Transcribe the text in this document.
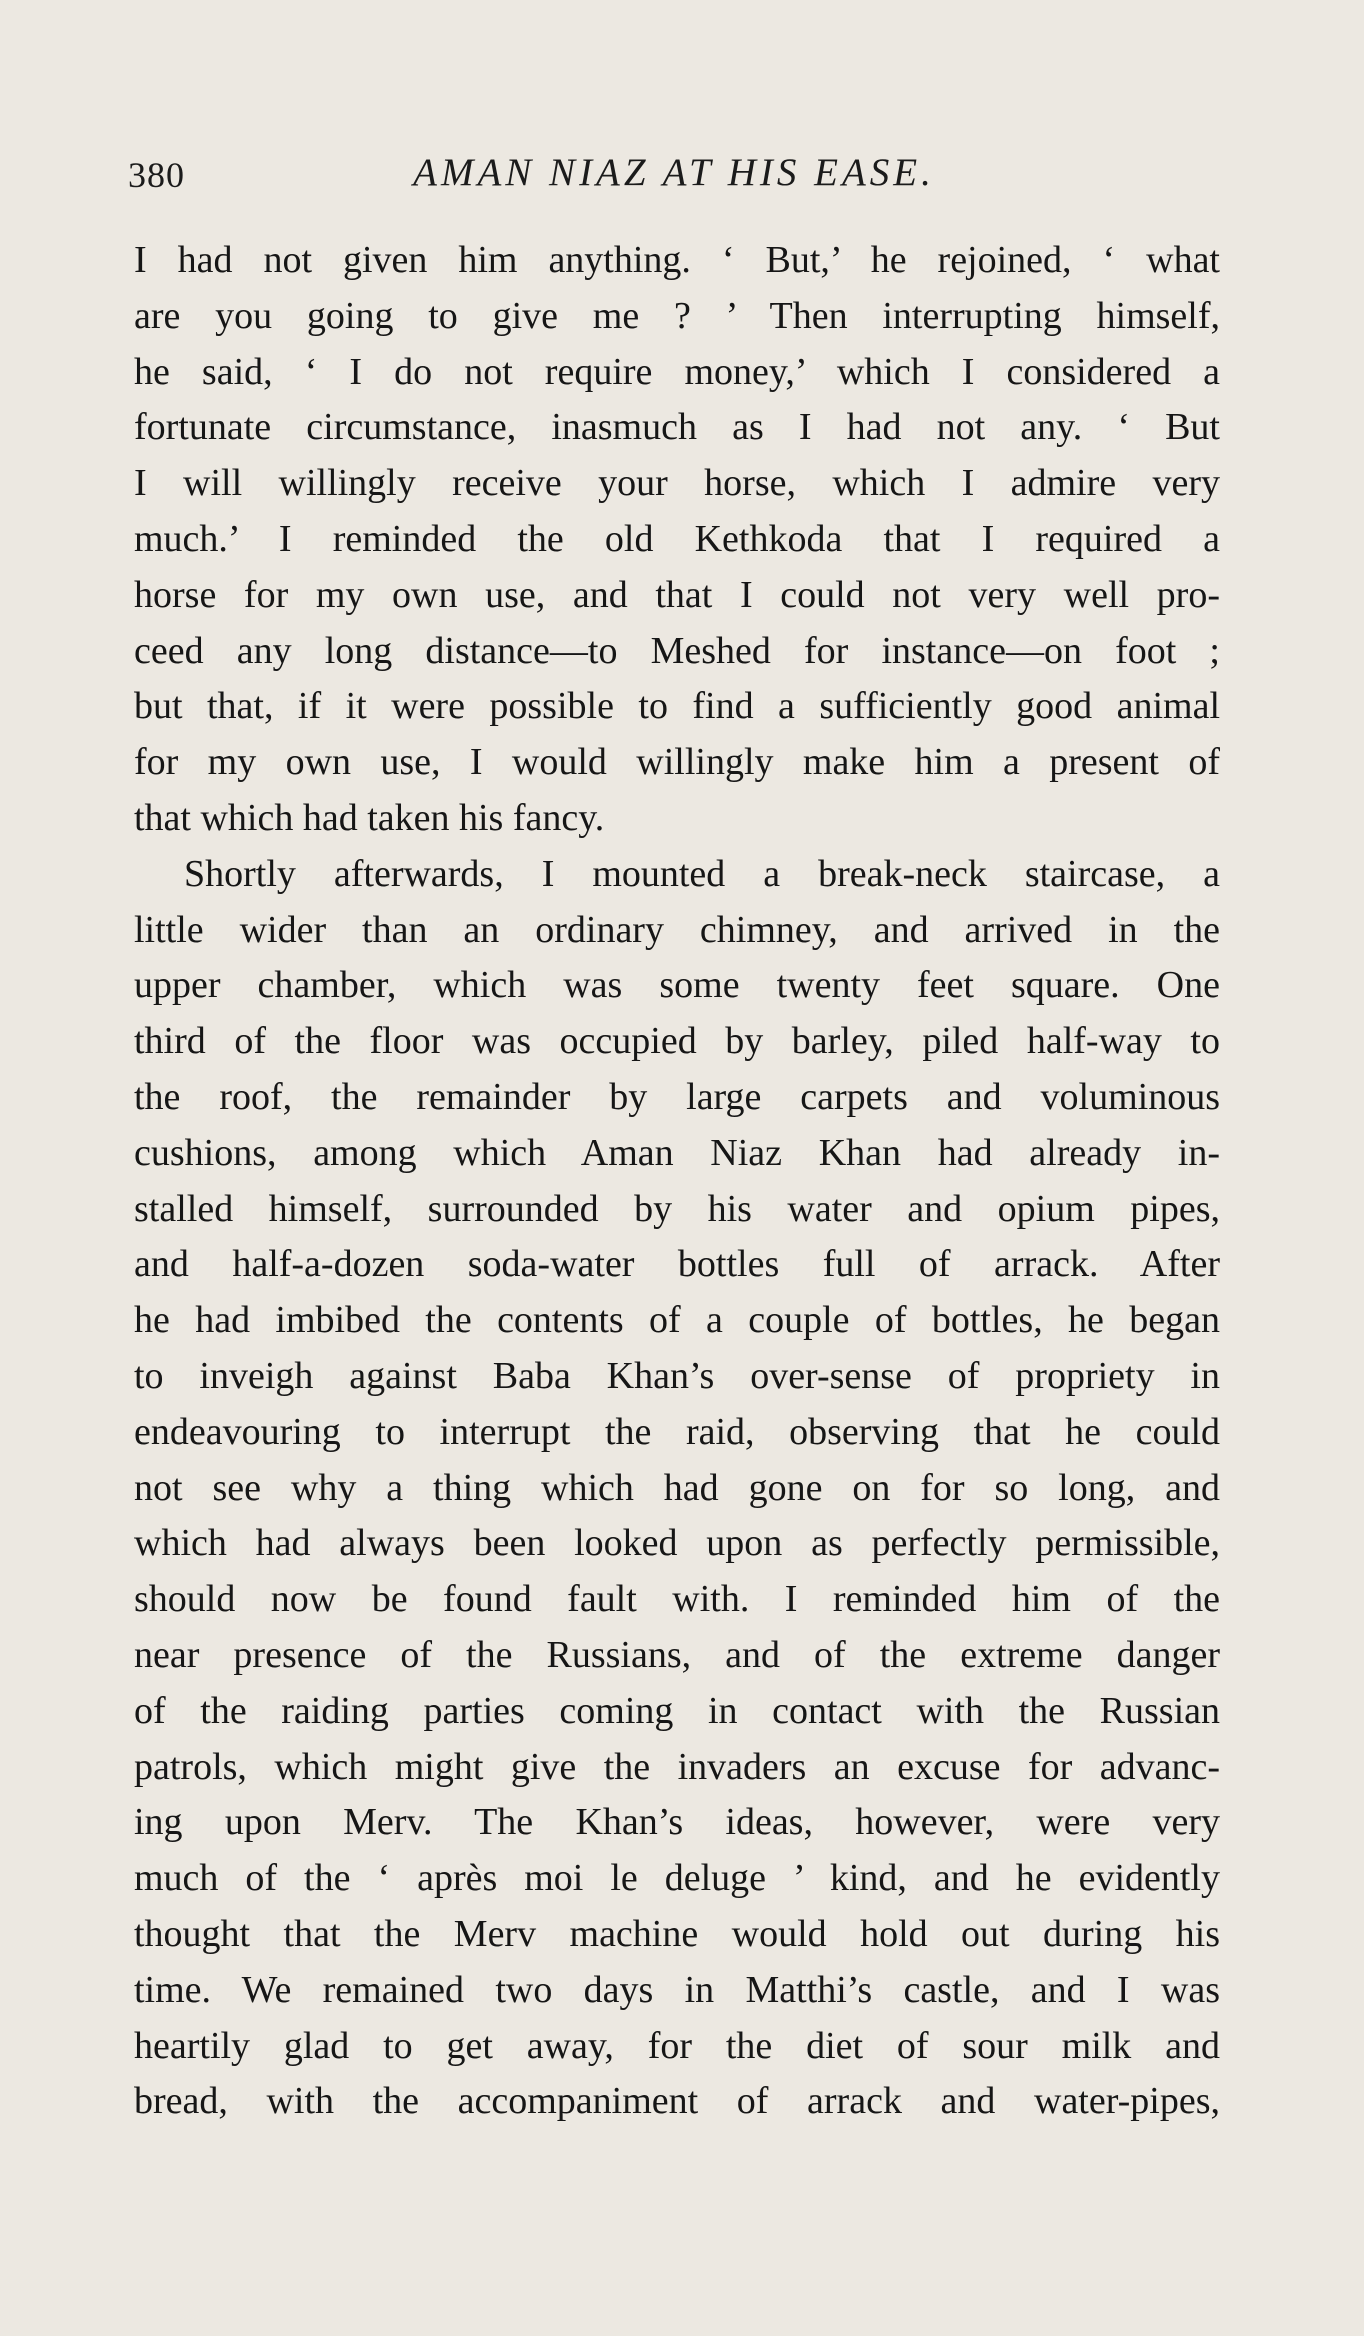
380	AMAN NIAZ AT HIS EASE.
I had not given him anything. ‘ But,’ he rejoined, ‘ what
are you going to give me ? ’ Then interrupting himself,
he said, ‘ I do not require money,’ which I considered a
fortunate circumstance, inasmuch as I had not any. ‘ But
I will willingly receive your horse, which I admire very
much.’ I reminded the old Kethkoda that I required a
horse for my own use, and that I could not very well pro-
ceed any long distance—to Meshed for instance—on foot ;
but that, if it were possible to find a sufficiently good animal
for my own use, I would willingly make him a present of
that which had taken his fancy.
Shortly afterwards, I mounted a break-neck staircase, a
little wider than an ordinary chimney, and arrived in the
upper chamber, which was some twenty feet square. One
third of the floor was occupied by barley, piled half-way to
the roof, the remainder by large carpets and voluminous
cushions, among which Aman Niaz Khan had already in-
stalled himself, surrounded by his water and opium pipes,
and half-a-dozen soda-water bottles full of arrack. After
he had imbibed the contents of a couple of bottles, he began
to inveigh against Baba Khan’s over-sense of propriety in
endeavouring to interrupt the raid, observing that he could
not see why a thing which had gone on for so long, and
which had always been looked upon as perfectly permissible,
should now be found fault with. I reminded him of the
near presence of the Russians, and of the extreme danger
of the raiding parties coming in contact with the Russian
patrols, which might give the invaders an excuse for advanc-
ing upon Merv. The Khan’s ideas, however, were very
much of the ‘ après moi le deluge ’ kind, and he evidently
thought that the Merv machine would hold out during his
time. We remained two days in Matthi’s castle, and I was
heartily glad to get away, for the diet of sour milk and
bread, with the accompaniment of arrack and water-pipes,
